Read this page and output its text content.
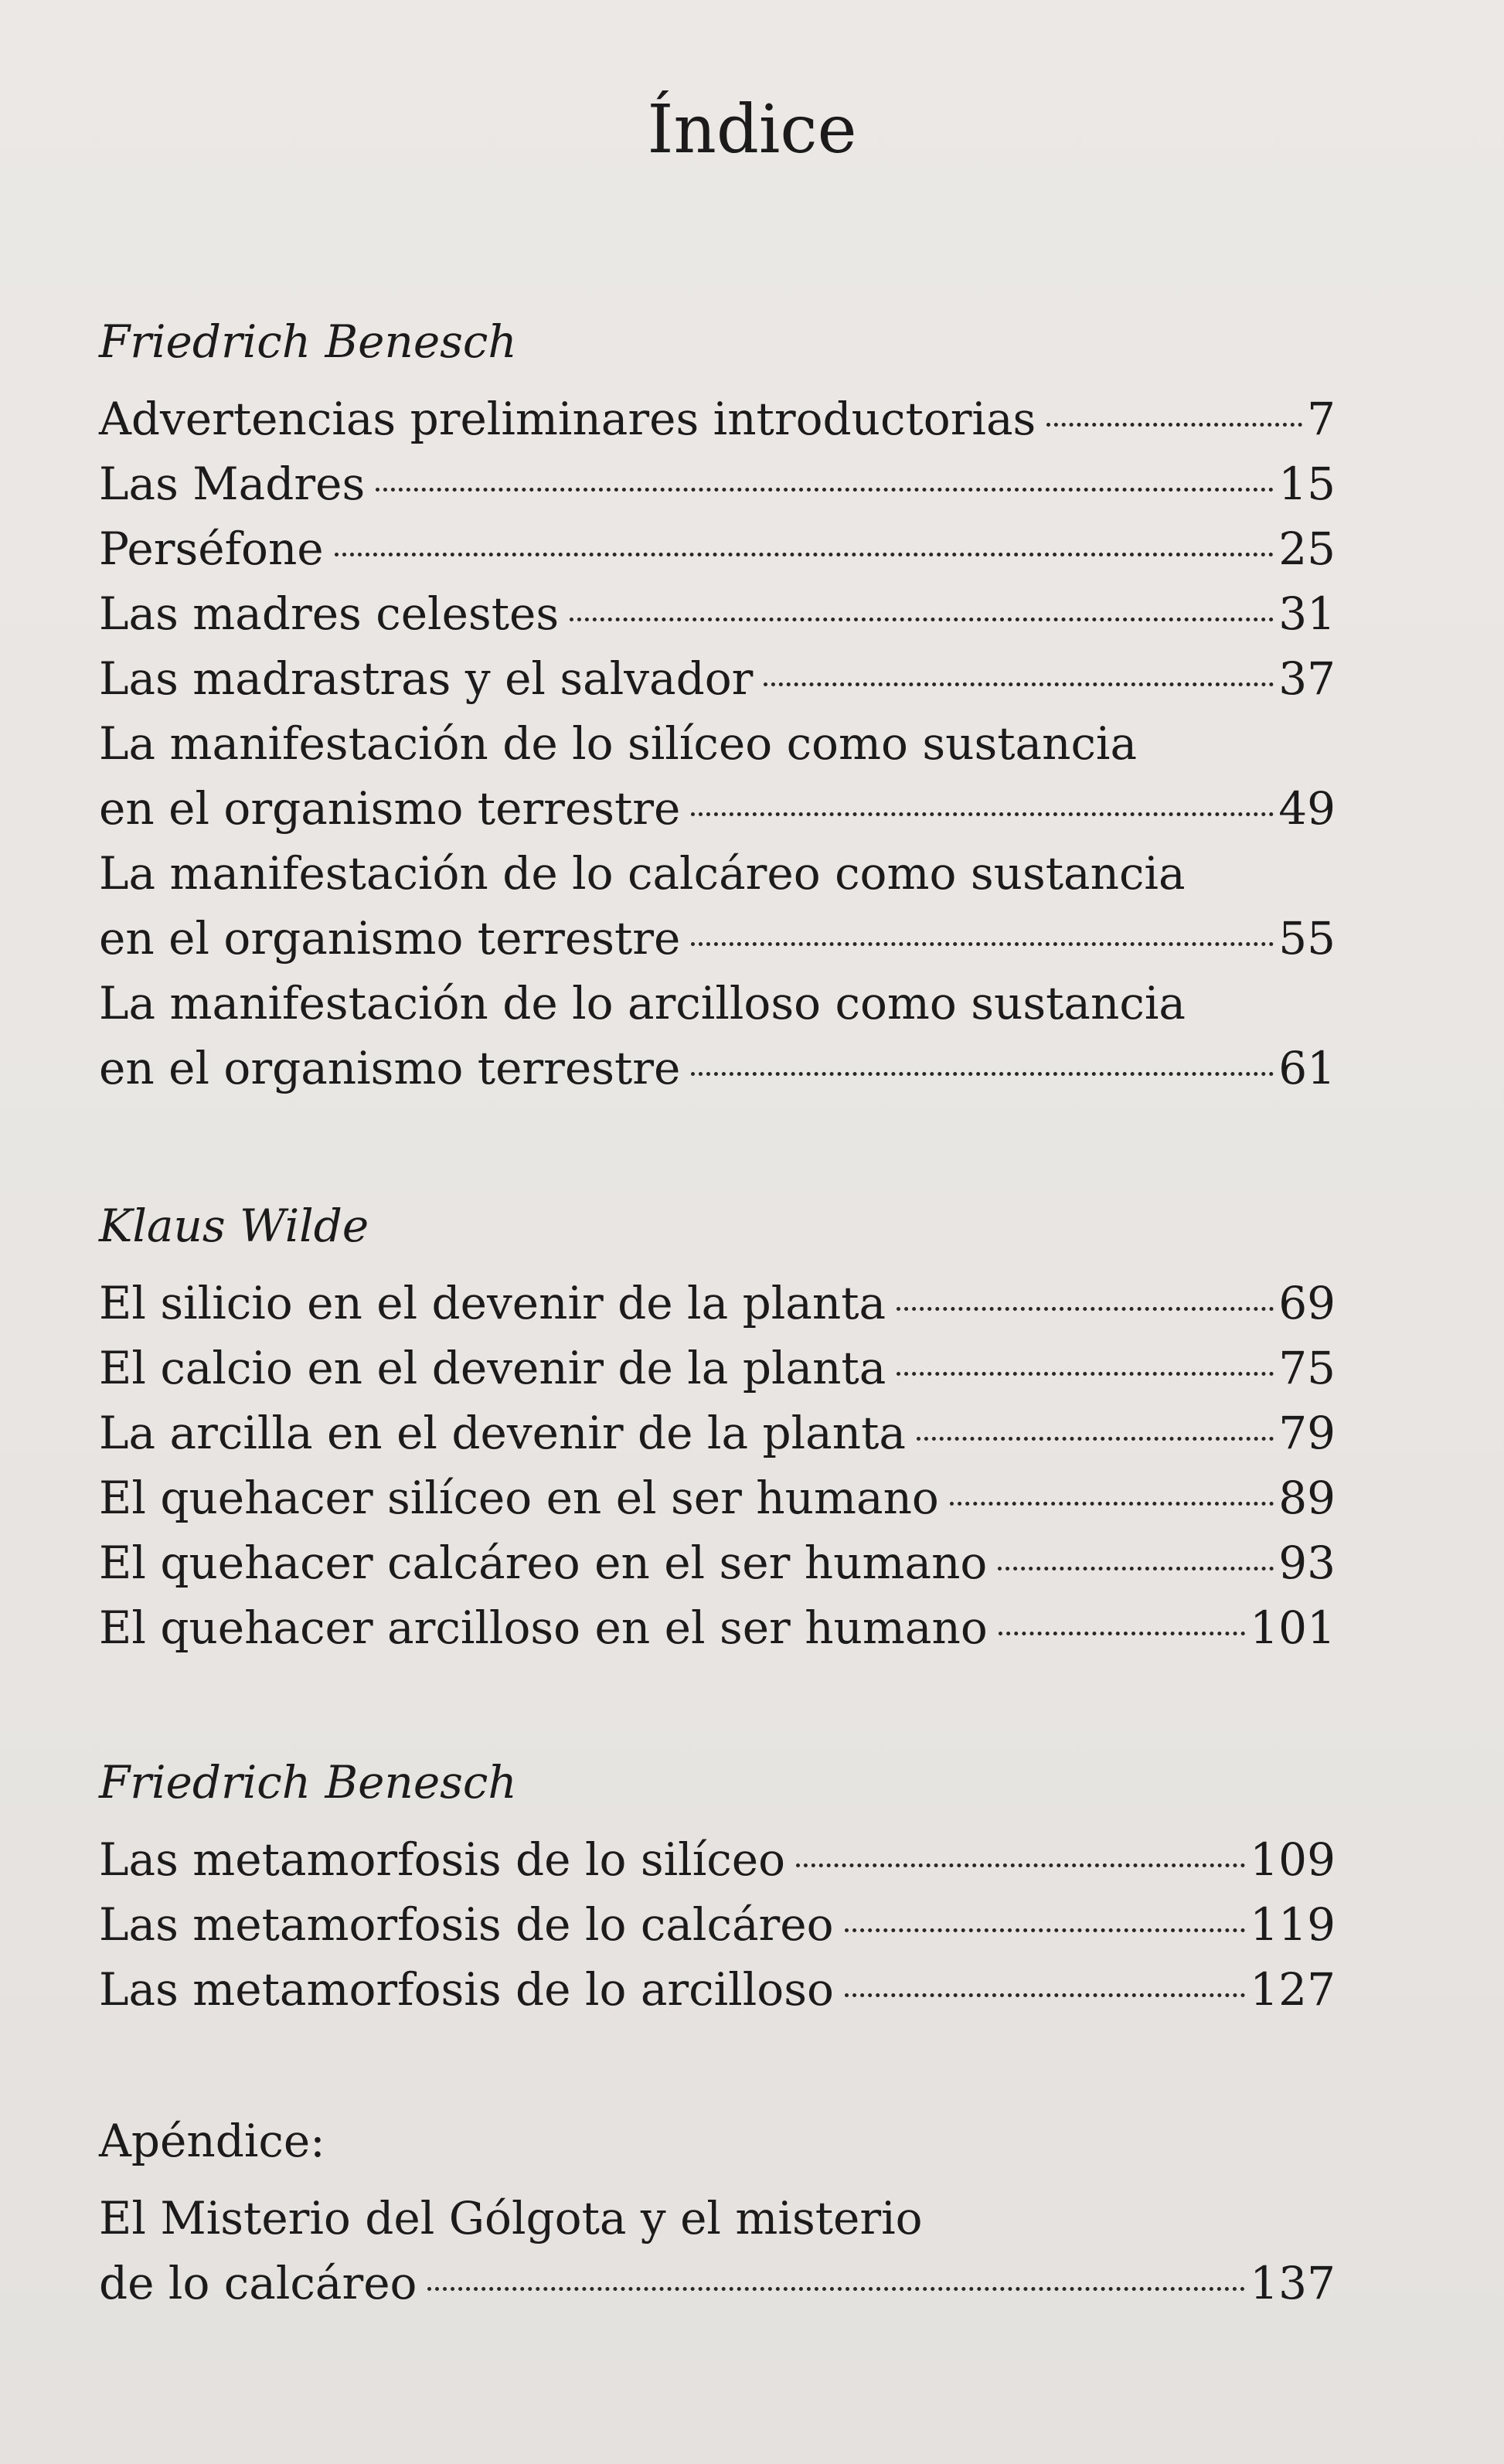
Índice
Friedrich Benesch
Advertencias preliminares introductorias	7
Las Madres	15
Perséfone	25
Las madres celestes	31
Las madrastras y el salvador	37
La manifestación de lo silíceo como sustancia
en el organismo terrestre	49
La manifestación de lo calcáreo como sustancia
en el organismo terrestre	55
La manifestación de lo arcilloso como sustancia
en el organismo terrestre	61
Klaus Wilde
El silicio en el devenir de la planta	69
El calcio en el devenir de la planta	75
La arcilla en el devenir de la planta	79
El quehacer silíceo en el ser humano	89
El quehacer calcáreo en el ser humano	93
El quehacer arcilloso en el ser humano	101
Friedrich Benesch
Las metamorfosis de lo silíceo	109
Las metamorfosis de lo calcáreo	119
Las metamorfosis de lo arcilloso	127
Apéndice:
El Misterio del Gólgota y el misterio
de lo calcáreo	137
